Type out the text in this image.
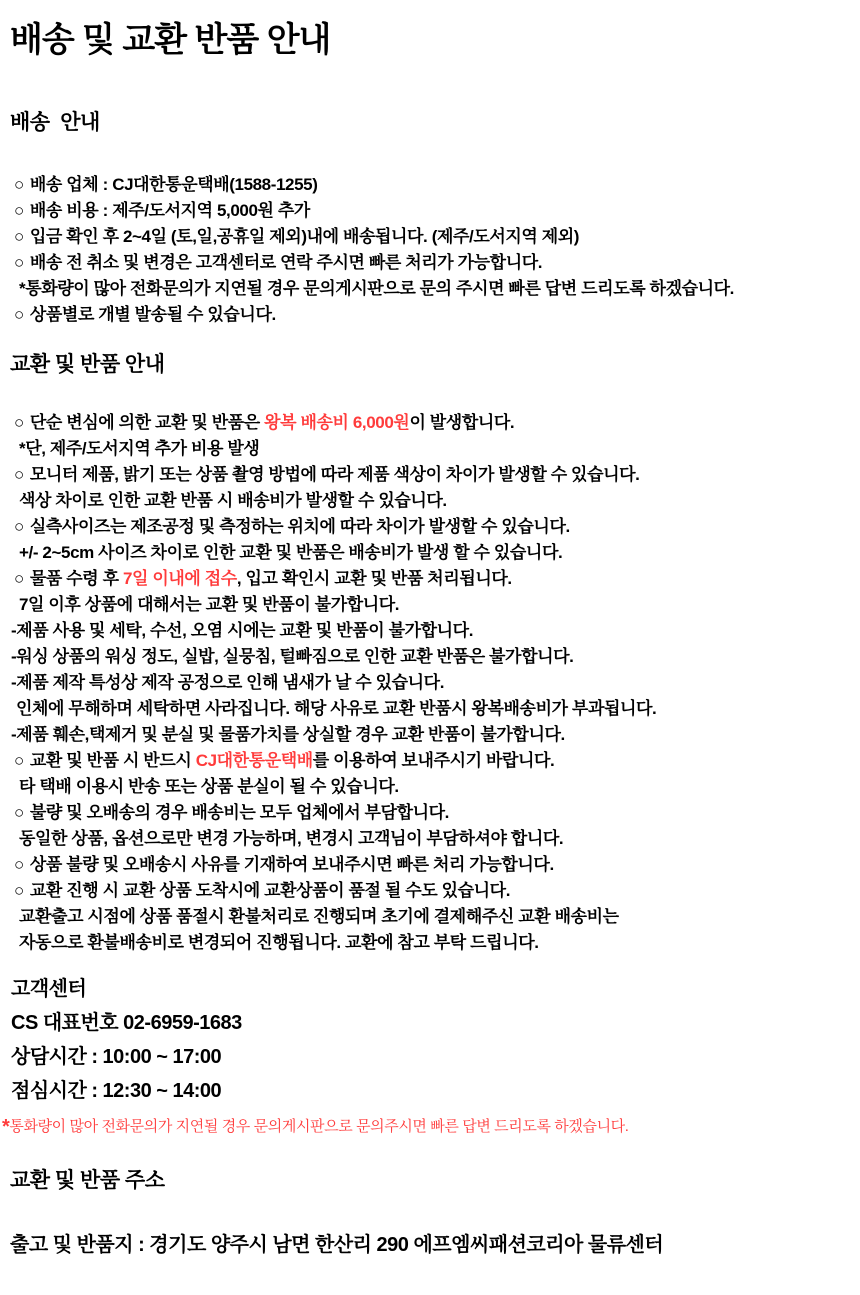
배송 및 교환 반품 안내
배송  안내
○ 배송 업체 : CJ대한통운택배(1588-1255)
○ 배송 비용 : 제주/도서지역 5,000원 추가
○ 입금 확인 후 2~4일 (토,일,공휴일 제외)내에 배송됩니다. (제주/도서지역 제외)
○ 배송 전 취소 및 변경은 고객센터로 연락 주시면 빠른 처리가 가능합니다.
*통화량이 많아 전화문의가 지연될 경우 문의게시판으로 문의 주시면 빠른 답변 드리도록 하겠습니다.
○ 상품별로 개별 발송될 수 있습니다.
교환 및 반품 안내
○ 단순 변심에 의한 교환 및 반품은 왕복 배송비 6,000원이 발생합니다.
*단, 제주/도서지역 추가 비용 발생
○ 모니터 제품, 밝기 또는 상품 촬영 방법에 따라 제품 색상이 차이가 발생할 수 있습니다.
색상 차이로 인한 교환 반품 시 배송비가 발생할 수 있습니다.
○ 실측사이즈는 제조공정 및 측정하는 위치에 따라 차이가 발생할 수 있습니다.
+/- 2~5cm 사이즈 차이로 인한 교환 및 반품은 배송비가 발생 할 수 있습니다.
○ 물품 수령 후 7일 이내에 접수, 입고 확인시 교환 및 반품 처리됩니다.
7일 이후 상품에 대해서는 교환 및 반품이 불가합니다.
-제품 사용 및 세탁, 수선, 오염 시에는 교환 및 반품이 불가합니다.
-워싱 상품의 워싱 정도, 실밥, 실뭉침, 털빠짐으로 인한 교환 반품은 불가합니다.
-제품 제작 특성상 제작 공정으로 인해 냄새가 날 수 있습니다.
인체에 무해하며 세탁하면 사라집니다. 해당 사유로 교환 반품시 왕복배송비가 부과됩니다.
-제품 훼손,택제거 및 분실 및 물품가치를 상실할 경우 교환 반품이 불가합니다.
○ 교환 및 반품 시 반드시 CJ대한통운택배를 이용하여 보내주시기 바랍니다.
타 택배 이용시 반송 또는 상품 분실이 될 수 있습니다.
○ 불량 및 오배송의 경우 배송비는 모두 업체에서 부담합니다.
동일한 상품, 옵션으로만 변경 가능하며, 변경시 고객님이 부담하셔야 합니다.
○ 상품 불량 및 오배송시 사유를 기재하여 보내주시면 빠른 처리 가능합니다.
○ 교환 진행 시 교환 상품 도착시에 교환상품이 품절 될 수도 있습니다.
교환출고 시점에 상품 품절시 환불처리로 진행되며 초기에 결제해주신 교환 배송비는
자동으로 환불배송비로 변경되어 진행됩니다. 교환에 참고 부탁 드립니다.
고객센터
CS 대표번호 02-6959-1683
상담시간 : 10:00 ~ 17:00
점심시간 : 12:30 ~ 14:00

*통화량이 많아 전화문의가 지연될 경우 문의게시판으로 문의주시면 빠른 답변 드리도록 하겠습니다.

교환 및 반품 주소
출고 및 반품지 : 경기도 양주시 남면 한산리 290 에프엠씨패션코리아 물류센터
